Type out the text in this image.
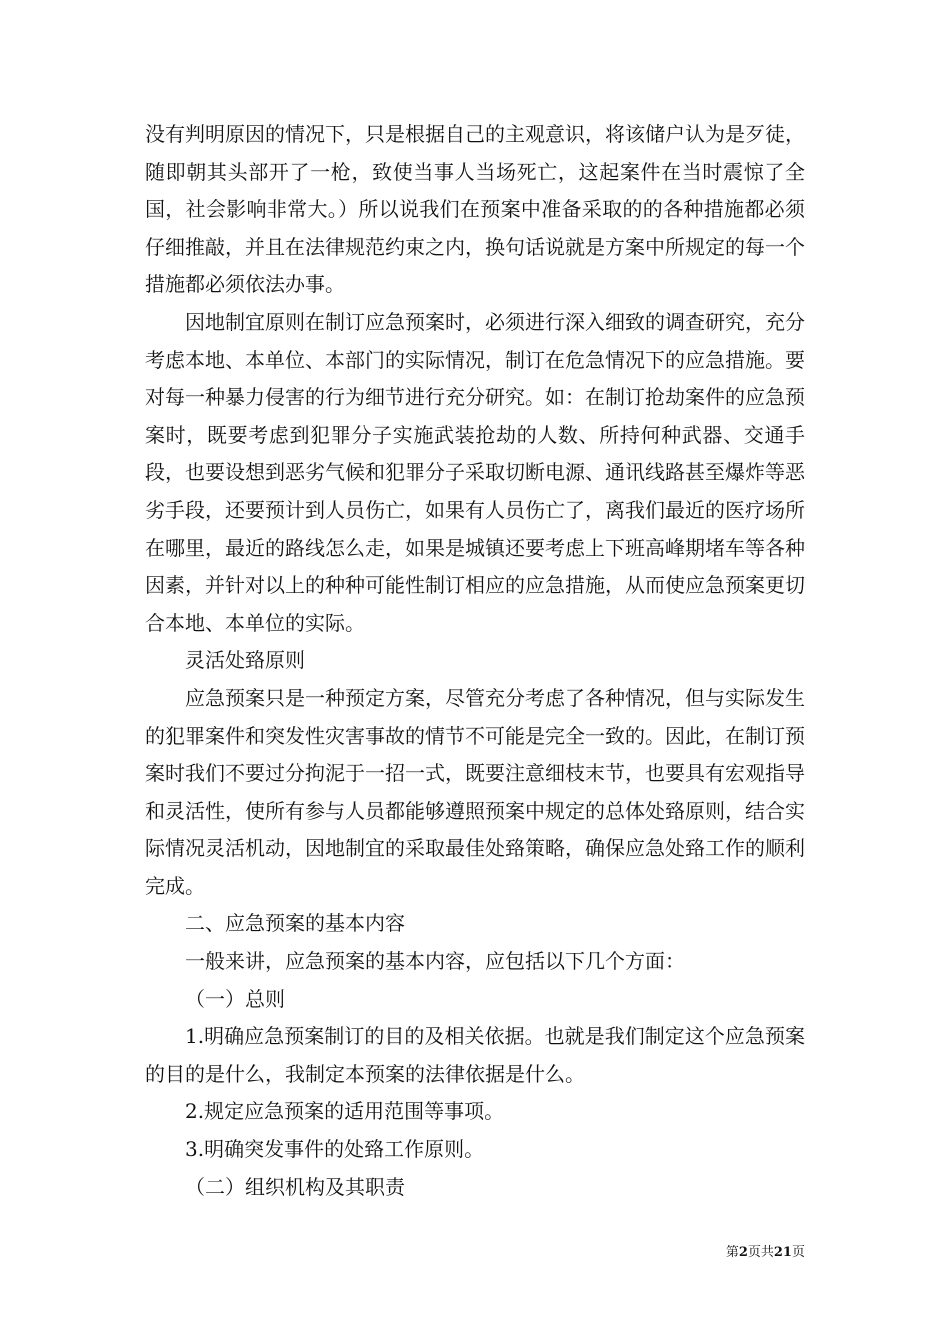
没有判明原因的情况下，只是根据自己的主观意识，将该储户认为是歹徒，随即朝其头部开了一枪，致使当事人当场死亡，这起案件在当时震惊了全国，社会影响非常大。）所以说我们在预案中准备采取的的各种措施都必须仔细推敲，并且在法律规范约束之内，换句话说就是方案中所规定的每一个措施都必须依法办事。

因地制宜原则在制订应急预案时，必须进行深入细致的调查研究，充分考虑本地、本单位、本部门的实际情况，制订在危急情况下的应急措施。要对每一种暴力侵害的行为细节进行充分研究。如：在制订抢劫案件的应急预案时，既要考虑到犯罪分子实施武装抢劫的人数、所持何种武器、交通手段，也要设想到恶劣气候和犯罪分子采取切断电源、通讯线路甚至爆炸等恶劣手段，还要预计到人员伤亡，如果有人员伤亡了，离我们最近的医疗场所在哪里，最近的路线怎么走，如果是城镇还要考虑上下班高峰期堵车等各种因素，并针对以上的种种可能性制订相应的应急措施，从而使应急预案更切合本地、本单位的实际。

灵活处臵原则

应急预案只是一种预定方案，尽管充分考虑了各种情况，但与实际发生的犯罪案件和突发性灾害事故的情节不可能是完全一致的。因此，在制订预案时我们不要过分拘泥于一招一式，既要注意细枝末节，也要具有宏观指导和灵活性，使所有参与人员都能够遵照预案中规定的总体处臵原则，结合实际情况灵活机动，因地制宜的采取最佳处臵策略，确保应急处臵工作的顺利完成。

二、应急预案的基本内容

一般来讲，应急预案的基本内容，应包括以下几个方面：

（一）总则

1.明确应急预案制订的目的及相关依据。也就是我们制定这个应急预案的目的是什么，我制定本预案的法律依据是什么。

2.规定应急预案的适用范围等事项。

3.明确突发事件的处臵工作原则。

（二）组织机构及其职责

第2页共21页
